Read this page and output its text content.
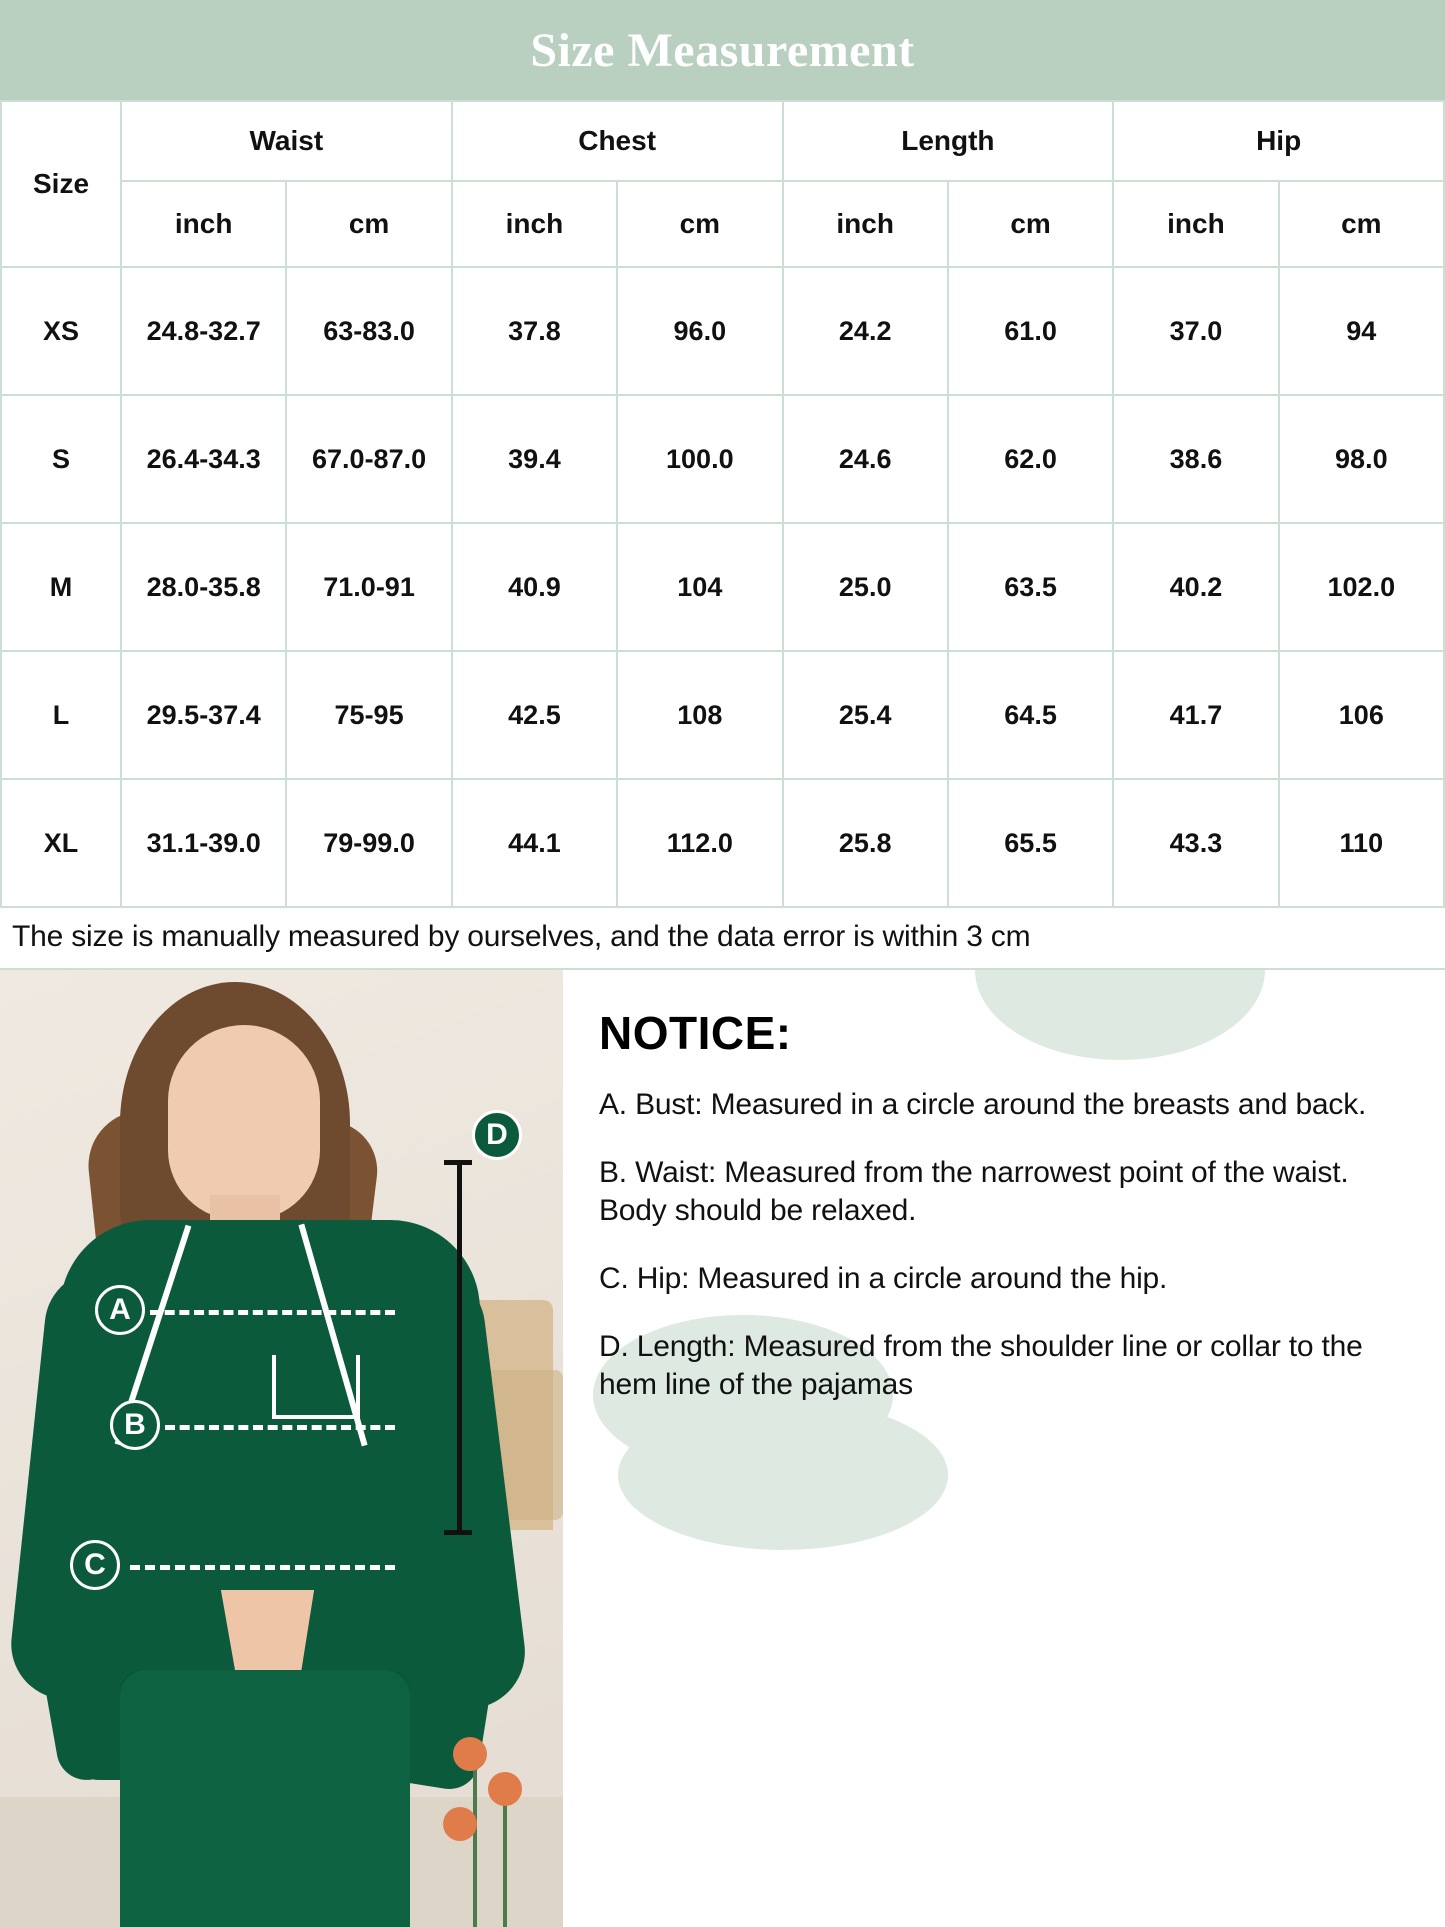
Size Measurement
Size	Waist		Chest		Length		Hip	
	inch	cm	inch	cm	inch	cm	inch	cm
XS	24.8-32.7	63-83.0	37.8	96.0	24.2	61.0	37.0	94
S	26.4-34.3	67.0-87.0	39.4	100.0	24.6	62.0	38.6	98.0
M	28.0-35.8	71.0-91	40.9	104	25.0	63.5	40.2	102.0
L	29.5-37.4	75-95	42.5	108	25.4	64.5	41.7	106
XL	31.1-39.0	79-99.0	44.1	112.0	25.8	65.5	43.3	110
The size is manually measured by ourselves, and the data error is within 3 cm
A
B
C
D
NOTICE:
A. Bust: Measured in a circle around the breasts and back.
B. Waist: Measured from the narrowest point of the waist. Body should be relaxed.
C. Hip: Measured in a circle around the hip.
D. Length: Measured from the shoulder line or collar to the hem line of the pajamas
